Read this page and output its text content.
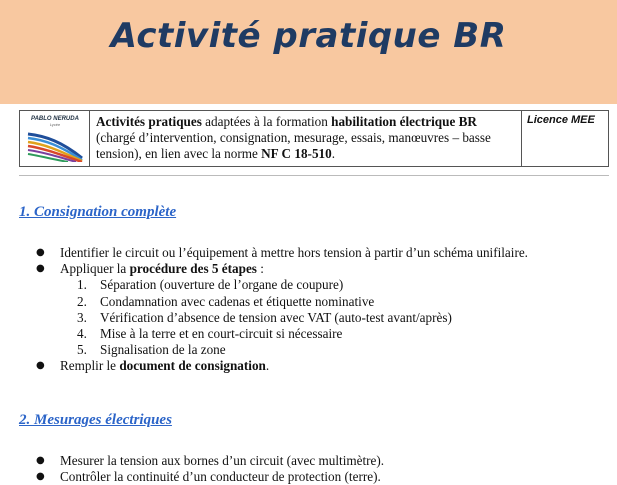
Activité pratique BR
PABLO NERUDA
Lycée	Activités pratiques adaptées à la formation habilitation électrique BR (chargé d’intervention, consignation, mesurage, essais, manœuvres – basse tension), en lien avec la norme NF C 18-510.
Licence MEE
1. Consignation complète
● Identifier le circuit ou l’équipement à mettre hors tension à partir d’un schéma unifilaire.
● Appliquer la procédure des 5 étapes :
1. Séparation (ouverture de l’organe de coupure)
2. Condamnation avec cadenas et étiquette nominative
3. Vérification d’absence de tension avec VAT (auto-test avant/après)
4. Mise à la terre et en court-circuit si nécessaire
5. Signalisation de la zone
● Remplir le document de consignation.
2. Mesurages électriques
● Mesurer la tension aux bornes d’un circuit (avec multimètre).
● Contrôler la continuité d’un conducteur de protection (terre).
